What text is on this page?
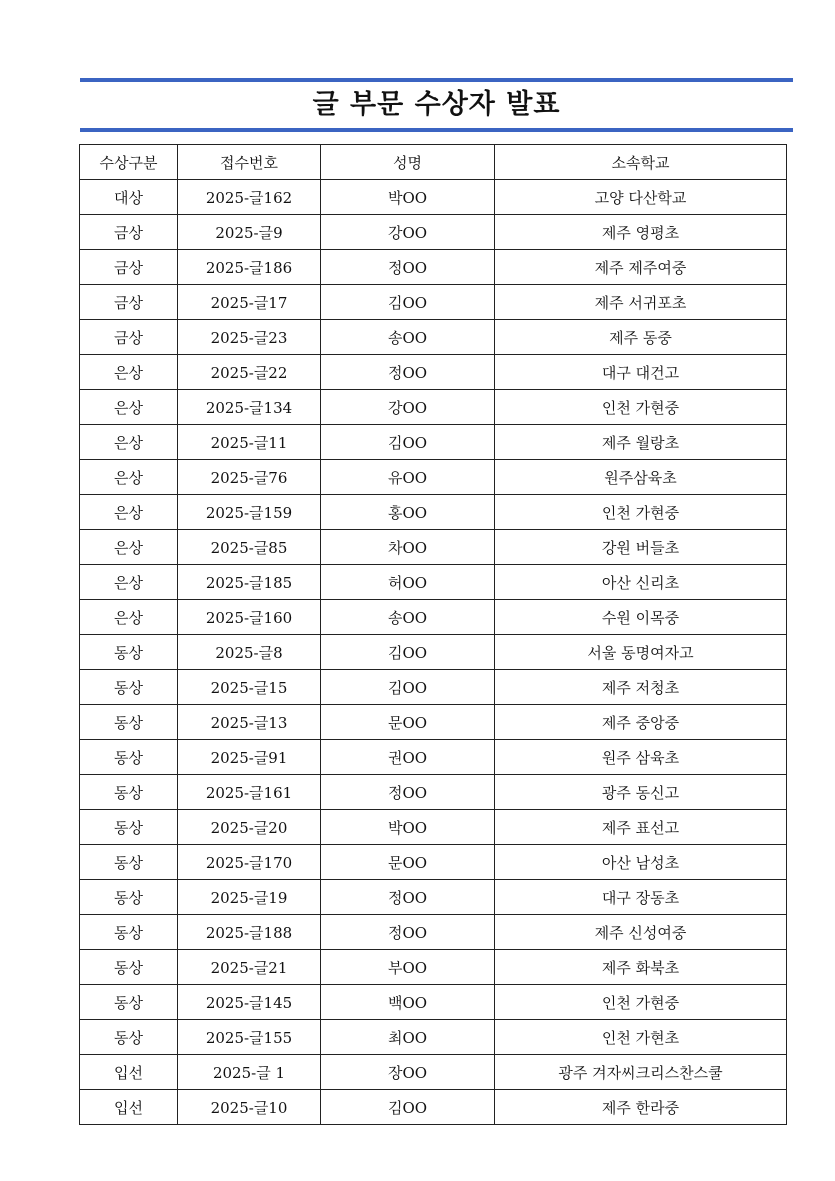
글 부문 수상자 발표
수상구분	접수번호	성명	소속학교
대상	2025-글162	박OO	고양 다산학교
금상	2025-글9	강OO	제주 영평초
금상	2025-글186	정OO	제주 제주여중
금상	2025-글17	김OO	제주 서귀포초
금상	2025-글23	송OO	제주 동중
은상	2025-글22	정OO	대구 대건고
은상	2025-글134	강OO	인천 가현중
은상	2025-글11	김OO	제주 월랑초
은상	2025-글76	유OO	원주삼육초
은상	2025-글159	홍OO	인천 가현중
은상	2025-글85	차OO	강원 버들초
은상	2025-글185	허OO	아산 신리초
은상	2025-글160	송OO	수원 이목중
동상	2025-글8	김OO	서울 동명여자고
동상	2025-글15	김OO	제주 저청초
동상	2025-글13	문OO	제주 중앙중
동상	2025-글91	권OO	원주 삼육초
동상	2025-글161	정OO	광주 동신고
동상	2025-글20	박OO	제주 표선고
동상	2025-글170	문OO	아산 남성초
동상	2025-글19	정OO	대구 장동초
동상	2025-글188	정OO	제주 신성여중
동상	2025-글21	부OO	제주 화북초
동상	2025-글145	백OO	인천 가현중
동상	2025-글155	최OO	인천 가현초
입선	2025-글 1	장OO	광주 겨자씨크리스찬스쿨
입선	2025-글10	김OO	제주 한라중
